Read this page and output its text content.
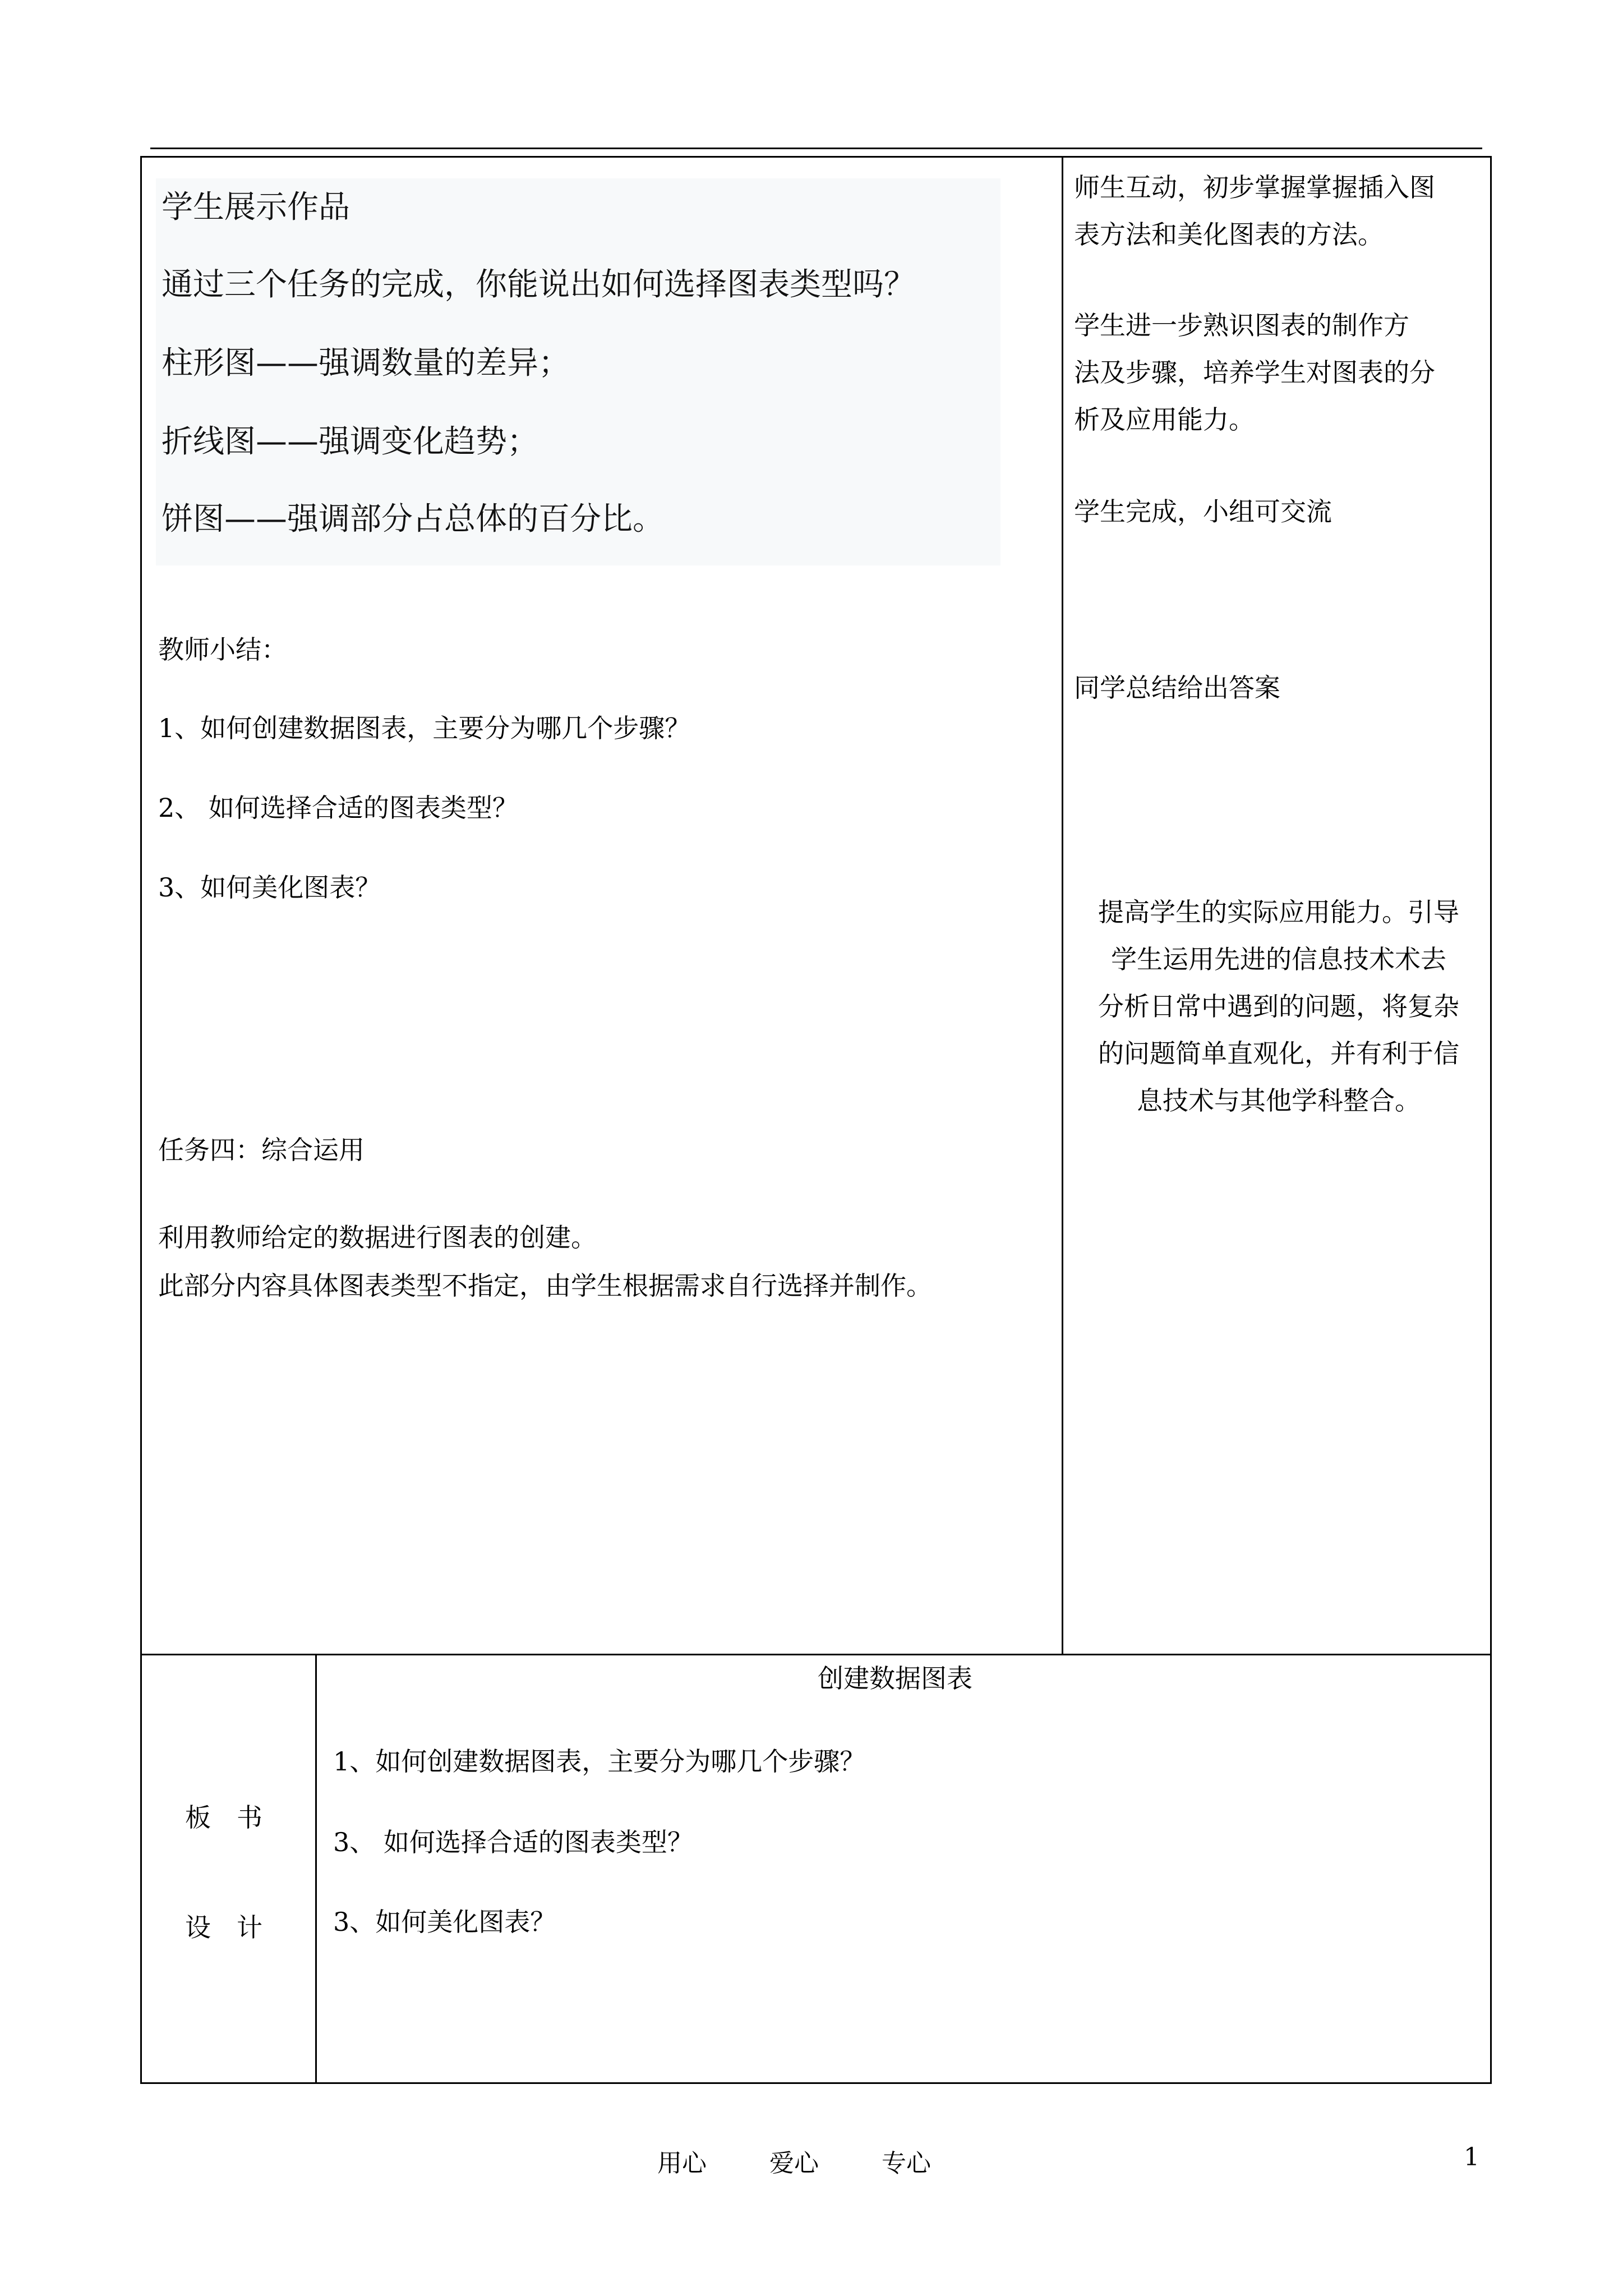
学生展示作品
通过三个任务的完成，你能说出如何选择图表类型吗？
柱形图——强调数量的差异；
折线图——强调变化趋势；
饼图——强调部分占总体的百分比。
教师小结：
1、如何创建数据图表，主要分为哪几个步骤？
2、 如何选择合适的图表类型？
3、如何美化图表？
任务四：综合运用
利用教师给定的数据进行图表的创建。
此部分内容具体图表类型不指定，由学生根据需求自行选择并制作。

师生互动，初步掌握掌握插入图

表方法和美化图表的方法。

学生进一步熟识图表的制作方

法及步骤，培养学生对图表的分

析及应用能力。

学生完成，小组可交流

同学总结给出答案

提高学生的实际应用能力。引导

学生运用先进的信息技术术去

分析日常中遇到的问题，将复杂

的问题简单直观化，并有利于信

息技术与其他学科整合。

板　书
设　计
创建数据图表
1、如何创建数据图表，主要分为哪几个步骤？
3、 如何选择合适的图表类型？
3、如何美化图表？
用心	爱心	专心	1
